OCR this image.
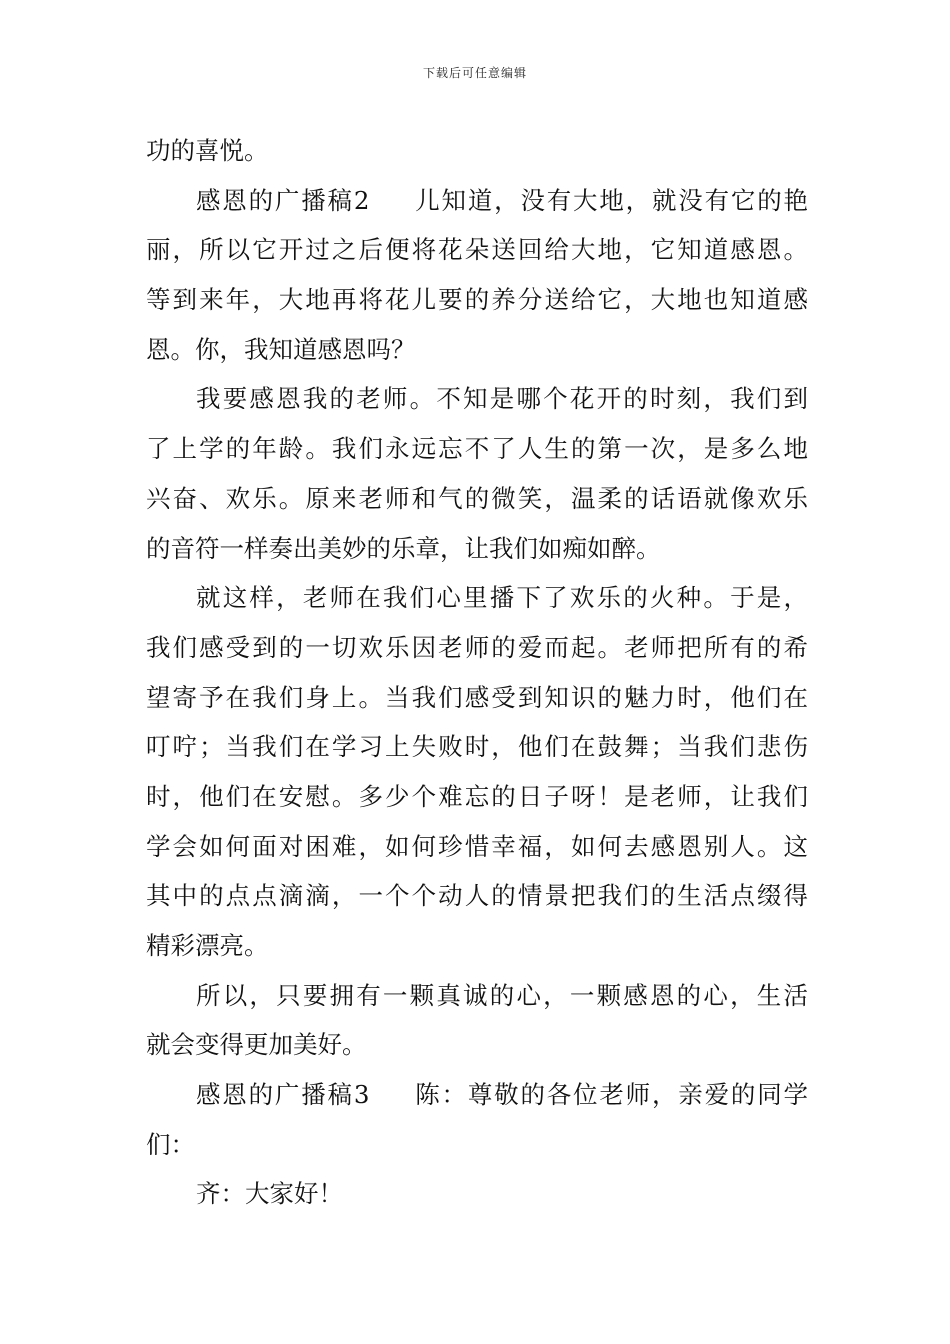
下载后可任意编辑
功的喜悦。
感恩的广播稿2 儿知道，没有大地，就没有它的艳
丽，所以它开过之后便将花朵送回给大地，它知道感恩。
等到来年，大地再将花儿要的养分送给它，大地也知道感
恩。你，我知道感恩吗？
我要感恩我的老师。不知是哪个花开的时刻，我们到
了上学的年龄。我们永远忘不了人生的第一次，是多么地
兴奋、欢乐。原来老师和气的微笑，温柔的话语就像欢乐
的音符一样奏出美妙的乐章，让我们如痴如醉。
就这样，老师在我们心里播下了欢乐的火种。于是，
我们感受到的一切欢乐因老师的爱而起。老师把所有的希
望寄予在我们身上。当我们感受到知识的魅力时，他们在
叮咛；当我们在学习上失败时，他们在鼓舞；当我们悲伤
时，他们在安慰。多少个难忘的日子呀！是老师，让我们
学会如何面对困难，如何珍惜幸福，如何去感恩别人。这
其中的点点滴滴，一个个动人的情景把我们的生活点缀得
精彩漂亮。
所以，只要拥有一颗真诚的心，一颗感恩的心，生活
就会变得更加美好。
感恩的广播稿3 陈：尊敬的各位老师，亲爱的同学
们：
齐：大家好！
